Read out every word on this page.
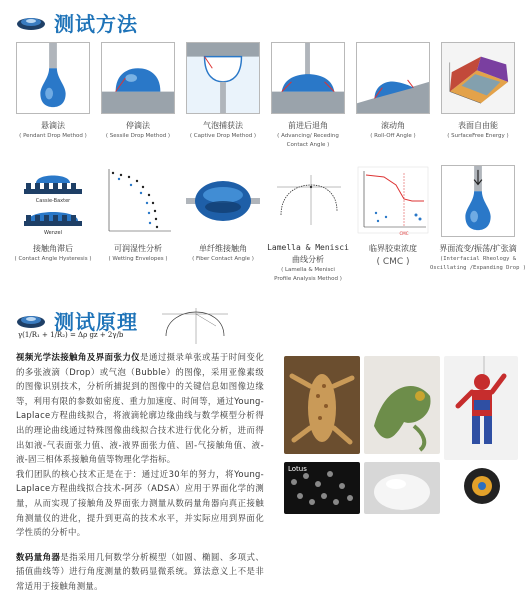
测试方法
悬滴法
( Pendant Drop Method )
停滴法
( Sessile Drop Method )
气泡捕获法
( Captive Drop Method )
前进后退角
( Advancing/ Receding
Contact Angle )
滚动角
( Roll-Off Angle )
表面自由能
( SurfaceFree Energy )
Cassie-Baxter
Wenzel
接触角滞后
( Contact Angle Hysteresis )
可润湿性分析
( Wetting Envelopes )
单纤维接触角
( Fiber Contact Angle )
Lamella & Menisci
曲线分析
( Lamella & Menisci
Profile Analysis Method )
CMC
临界胶束浓度
( CMC )
界面流变/振荡/扩张滴
(Interfacial Rheology &
Oscillating /Expanding Drop )
测试原理
γ(1/R₁ + 1/R₂) = Δρ gz + 2γ/b

视频光学法接触角及界面张力仪是通过摄录单张或基于时间变化的多张液滴（Drop）或气泡（Bubble）的图像，采用亚像素级的图像识别技术，分析所捕捉到的图像中的关键信息如图像边缘等，利用有限的参数如密度、重力加速度、时间等，通过Young-Laplace方程曲线拟合，将液滴轮廓边缘曲线与数学模型分析得出的理论曲线通过特殊图像曲线拟合技术进行优化分析，进而得出如液-气表面张力值、液-液界面张力值、固-气接触角值、液-液-固三相体系接触角值等物理化学指标。

我们团队的核心技术正是在于：通过近30年的努力，将Young-Laplace方程曲线拟合技术-阿莎（ADSA）应用于界面化学的测量，从而实现了接触角及界面张力测量从数码量角器向真正接触角测量仪的进化，提升到更高的技术水平，并实际应用到界面化学性质的分析中。

数码量角器是指采用几何数学分析模型（如圆、椭圆、多项式、插值曲线等）进行角度测量的数码显微系统。算法意义上不是非常适用于接触角测量。

Lotus
